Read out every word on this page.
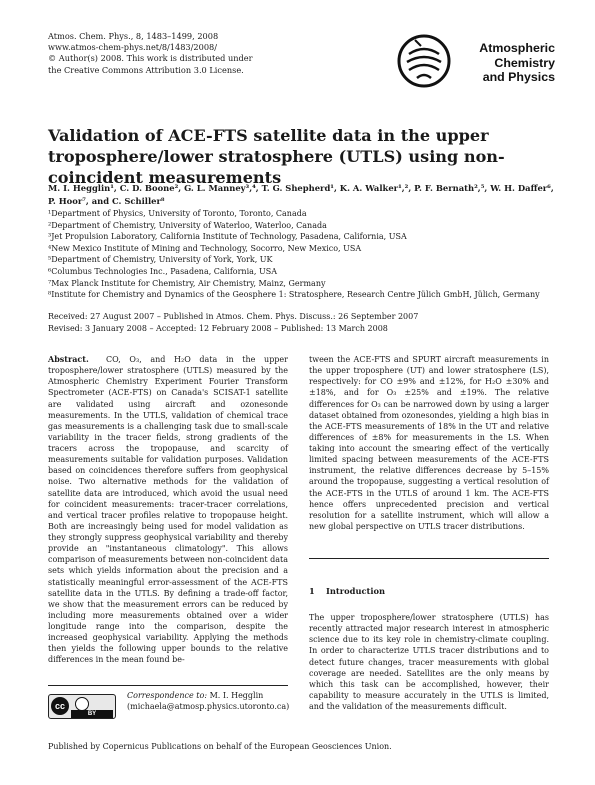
Atmos. Chem. Phys., 8, 1483–1499, 2008
www.atmos-chem-phys.net/8/1483/2008/
© Author(s) 2008. This work is distributed under
the Creative Commons Attribution 3.0 License.
Atmospheric
Chemistry
and Physics
Validation of ACE-FTS satellite data in the upper troposphere/lower stratosphere (UTLS) using non-coincident measurements
M. I. Hegglin¹, C. D. Boone², G. L. Manney³,⁴, T. G. Shepherd¹, K. A. Walker¹,², P. F. Bernath²,⁵, W. H. Daffer⁶,
P. Hoor⁷, and C. Schiller⁸
¹Department of Physics, University of Toronto, Toronto, Canada
²Department of Chemistry, University of Waterloo, Waterloo, Canada
³Jet Propulsion Laboratory, California Institute of Technology, Pasadena, California, USA
⁴New Mexico Institute of Mining and Technology, Socorro, New Mexico, USA
⁵Department of Chemistry, University of York, York, UK
⁶Columbus Technologies Inc., Pasadena, California, USA
⁷Max Planck Institute for Chemistry, Air Chemistry, Mainz, Germany
⁸Institute for Chemistry and Dynamics of the Geosphere 1: Stratosphere, Research Centre Jülich GmbH, Jülich, Germany
Received: 27 August 2007 – Published in Atmos. Chem. Phys. Discuss.: 26 September 2007
Revised: 3 January 2008 – Accepted: 12 February 2008 – Published: 13 March 2008

Abstract. CO, O₃, and H₂O data in the upper troposphere/lower stratosphere (UTLS) measured by the Atmospheric Chemistry Experiment Fourier Transform Spectrometer (ACE-FTS) on Canada's SCISAT-1 satellite are validated using aircraft and ozonesonde measurements. In the UTLS, validation of chemical trace gas measurements is a challenging task due to small-scale variability in the tracer fields, strong gradients of the tracers across the tropopause, and scarcity of measurements suitable for validation purposes. Validation based on coincidences therefore suffers from geophysical noise. Two alternative methods for the validation of satellite data are introduced, which avoid the usual need for coincident measurements: tracer-tracer correlations, and vertical tracer profiles relative to tropopause height. Both are increasingly being used for model validation as they strongly suppress geophysical variability and thereby provide an "instantaneous climatology". This allows comparison of measurements between non-coincident data sets which yields information about the precision and a statistically meaningful error-assessment of the ACE-FTS satellite data in the UTLS. By defining a trade-off factor, we show that the measurement errors can be reduced by including more measurements obtained over a wider longitude range into the comparison, despite the increased geophysical variability. Applying the methods then yields the following upper bounds to the relative differences in the mean found be-

tween the ACE-FTS and SPURT aircraft measurements in the upper troposphere (UT) and lower stratosphere (LS), respectively: for CO ±9% and ±12%, for H₂O ±30% and ±18%, and for O₃ ±25% and ±19%. The relative differences for O₃ can be narrowed down by using a larger dataset obtained from ozonesondes, yielding a high bias in the ACE-FTS measurements of 18% in the UT and relative differences of ±8% for measurements in the LS. When taking into account the smearing effect of the vertically limited spacing between measurements of the ACE-FTS instrument, the relative differences decrease by 5–15% around the tropopause, suggesting a vertical resolution of the ACE-FTS in the UTLS of around 1 km. The ACE-FTS hence offers unprecedented precision and vertical resolution for a satellite instrument, which will allow a new global perspective on UTLS tracer distributions.

1 Introduction
The upper troposphere/lower stratosphere (UTLS) has recently attracted major research interest in atmospheric science due to its key role in chemistry-climate coupling. In order to characterize UTLS tracer distributions and to detect future changes, tracer measurements with global coverage are needed. Satellites are the only means by which this task can be accomplished, however, their capability to measure accurately in the UTLS is limited, and the validation of the measurements difficult.
cc
BY
Correspondence to: M. I. Hegglin
(michaela@atmosp.physics.utoronto.ca)
Published by Copernicus Publications on behalf of the European Geosciences Union.
